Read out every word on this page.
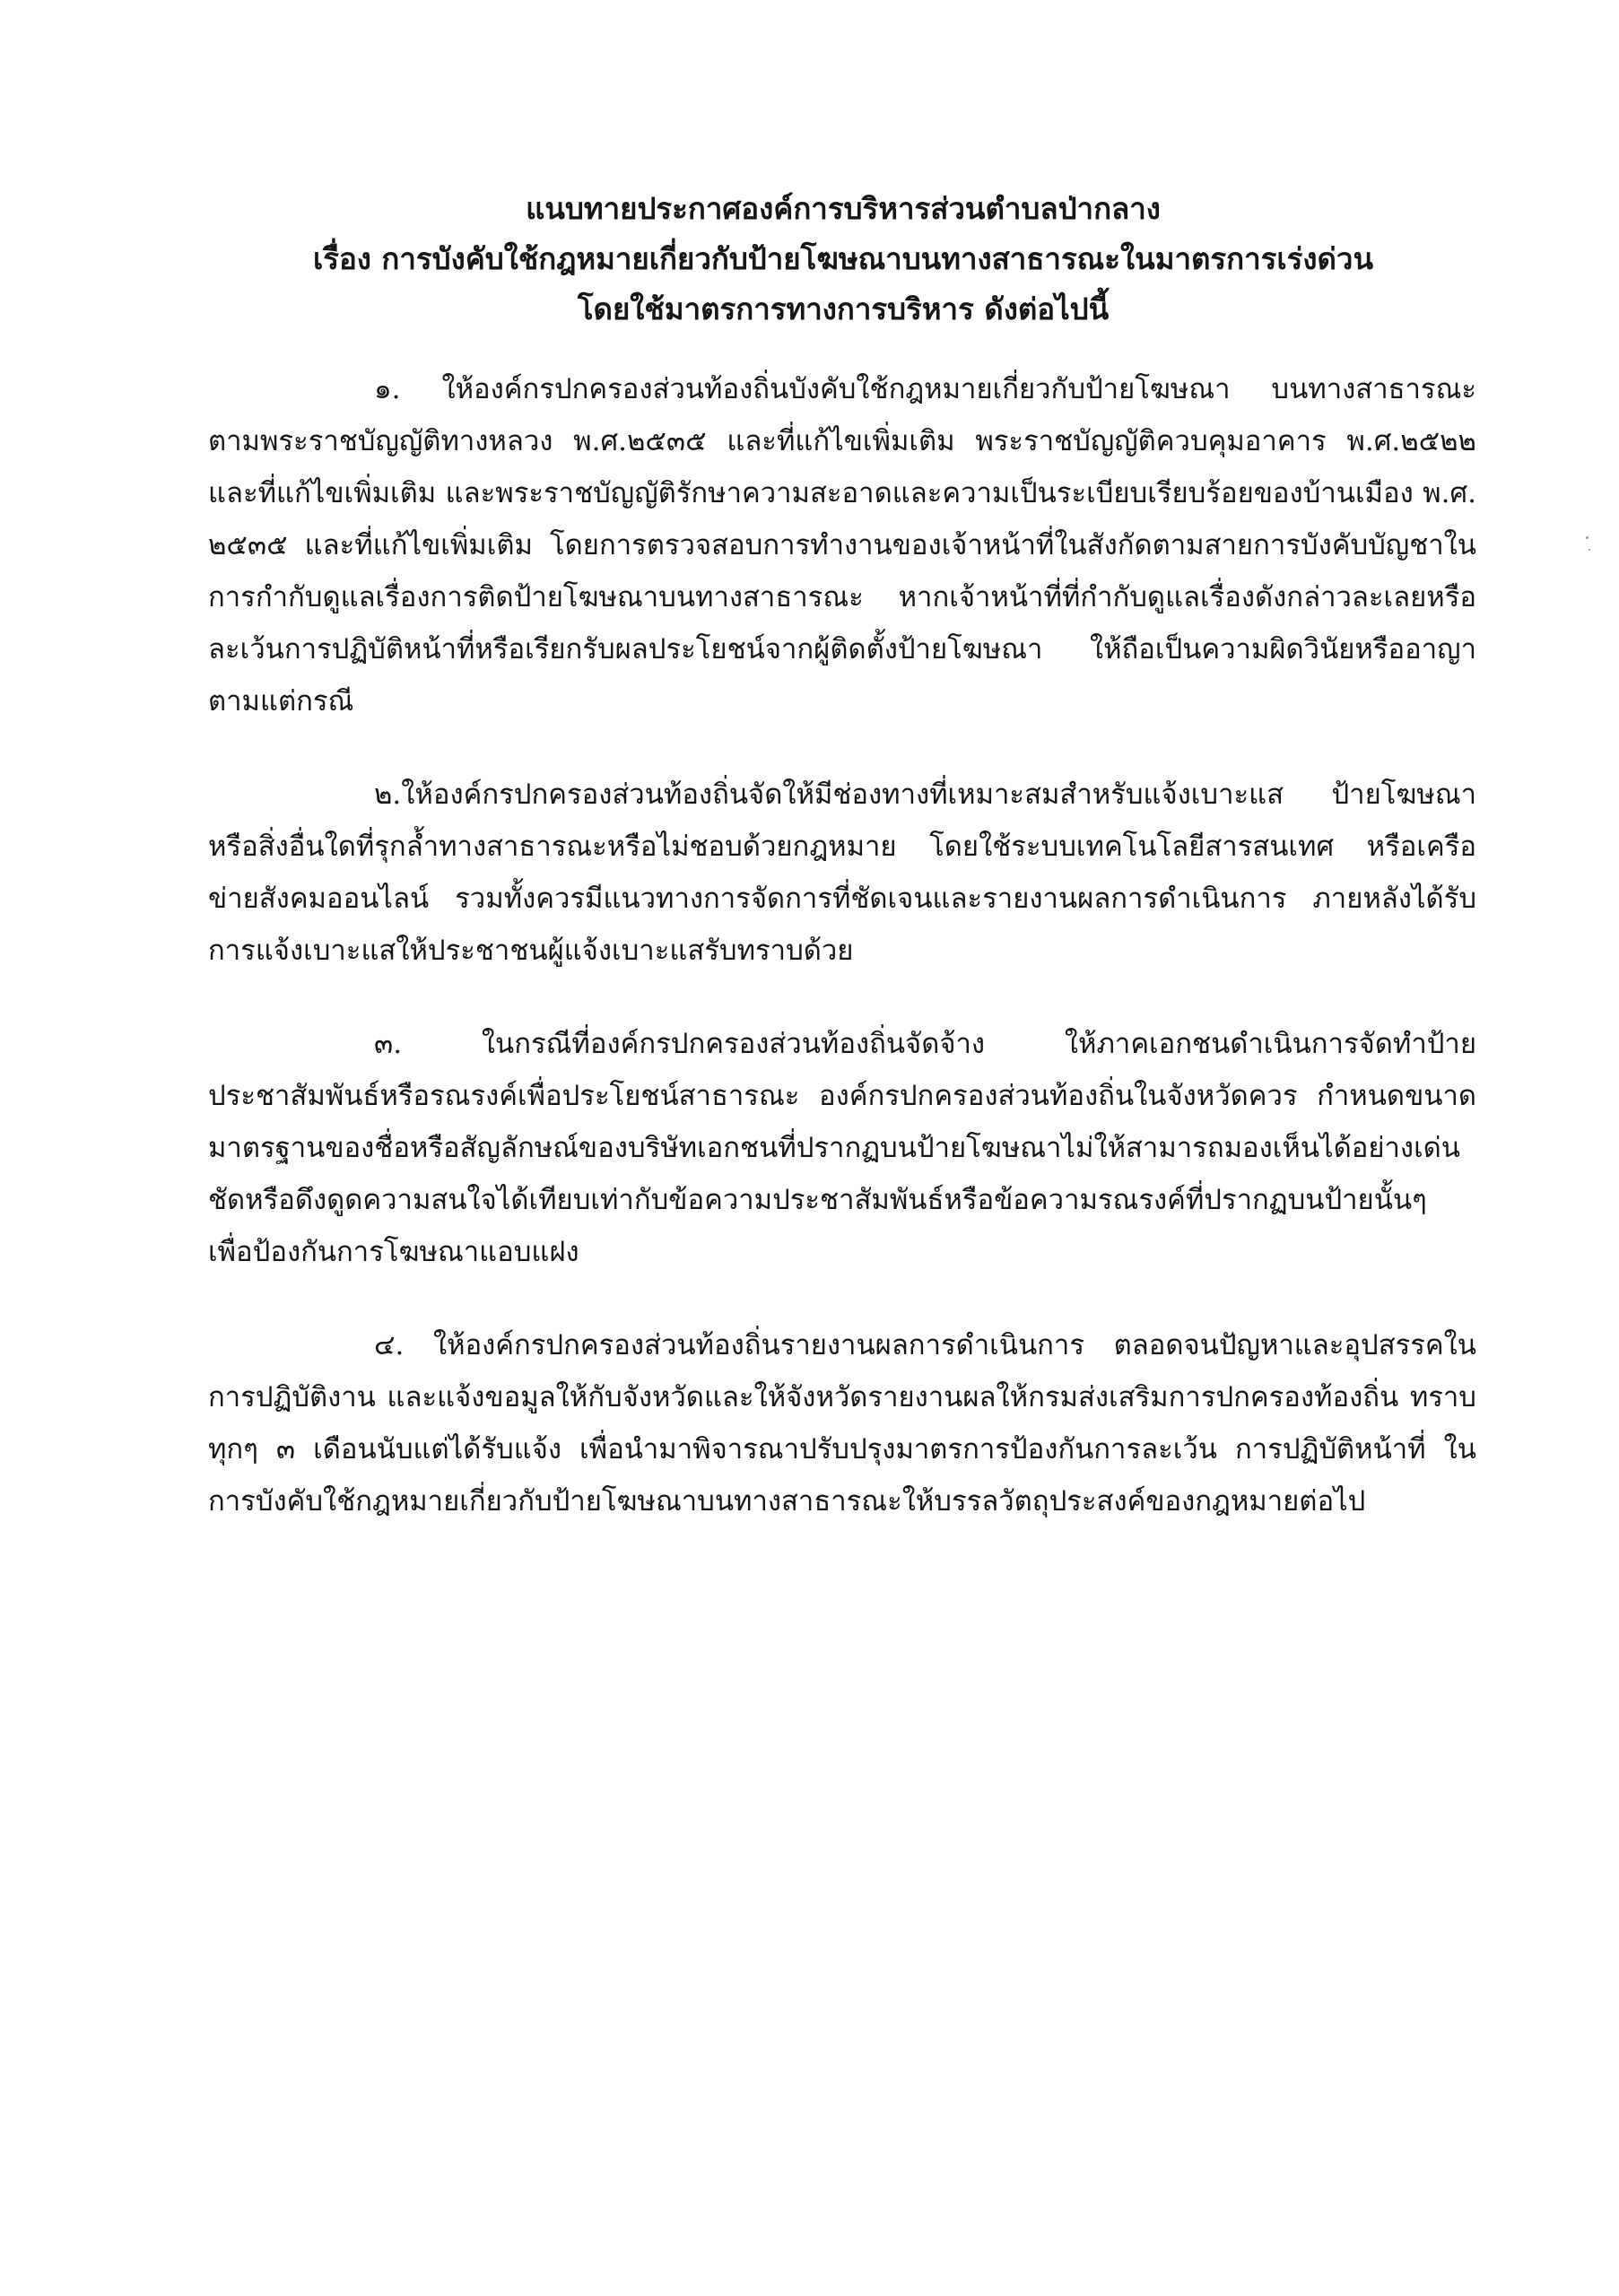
แนบทายประกาศองค์การบริหารส่วนตำบลป่ากลาง
เรื่อง การบังคับใช้กฎหมายเกี่ยวกับป้ายโฆษณาบนทางสาธารณะในมาตรการเร่งด่วน
โดยใช้มาตรการทางการบริหาร ดังต่อไปนี้

๑. ให้องค์กรปกครองส่วนท้องถิ่นบังคับใช้กฎหมายเกี่ยวกับป้ายโฆษณา บนทางสาธารณะ ตามพระราชบัญญัติทางหลวง พ.ศ.๒๕๓๕ และที่แก้ไขเพิ่มเติม พระราชบัญญัติควบคุมอาคาร พ.ศ.๒๕๒๒ และที่แก้ไขเพิ่มเติม และพระราชบัญญัติรักษาความสะอาดและความเป็นระเบียบเรียบร้อยของบ้านเมือง พ.ศ. ๒๕๓๕ และที่แก้ไขเพิ่มเติม โดยการตรวจสอบการทำงานของเจ้าหน้าที่ในสังกัดตามสายการบังคับบัญชาในการกำกับดูแลเรื่องการติดป้ายโฆษณาบนทางสาธารณะ หากเจ้าหน้าที่ที่กำกับดูแลเรื่องดังกล่าวละเลยหรือละเว้นการปฏิบัติหน้าที่หรือเรียกรับผลประโยชน์จากผู้ติดตั้งป้ายโฆษณา ให้ถือเป็นความผิดวินัยหรืออาญาตามแต่กรณี

๒.ให้องค์กรปกครองส่วนท้องถิ่นจัดให้มีช่องทางที่เหมาะสมสำหรับแจ้งเบาะแส ป้ายโฆษณาหรือสิ่งอื่นใดที่รุกล้ำทางสาธารณะหรือไม่ชอบด้วยกฎหมาย โดยใช้ระบบเทคโนโลยีสารสนเทศ หรือเครือข่ายสังคมออนไลน์ รวมทั้งควรมีแนวทางการจัดการที่ชัดเจนและรายงานผลการดำเนินการ ภายหลังได้รับการแจ้งเบาะแสให้ประชาชนผู้แจ้งเบาะแสรับทราบด้วย

๓. ในกรณีที่องค์กรปกครองส่วนท้องถิ่นจัดจ้าง ให้ภาคเอกชนดำเนินการจัดทำป้ายประชาสัมพันธ์หรือรณรงค์เพื่อประโยชน์สาธารณะ องค์กรปกครองส่วนท้องถิ่นในจังหวัดควร กำหนดขนาดมาตรฐานของชื่อหรือสัญลักษณ์ของบริษัทเอกชนที่ปรากฏบนป้ายโฆษณาไม่ให้สามารถมองเห็นได้อย่างเด่นชัดหรือดึงดูดความสนใจได้เทียบเท่ากับข้อความประชาสัมพันธ์หรือข้อความรณรงค์ที่ปรากฏบนป้ายนั้นๆ เพื่อป้องกันการโฆษณาแอบแฝง

๔. ให้องค์กรปกครองส่วนท้องถิ่นรายงานผลการดำเนินการ ตลอดจนปัญหาและอุปสรรคในการปฏิบัติงาน และแจ้งขอมูลให้กับจังหวัดและให้จังหวัดรายงานผลให้กรมส่งเสริมการปกครองท้องถิ่น ทราบทุกๆ ๓ เดือนนับแต่ได้รับแจ้ง เพื่อนำมาพิจารณาปรับปรุงมาตรการป้องกันการละเว้น การปฏิบัติหน้าที่ ในการบังคับใช้กฎหมายเกี่ยวกับป้ายโฆษณาบนทางสาธารณะให้บรรลวัตถุประสงค์ของกฎหมายต่อไป
